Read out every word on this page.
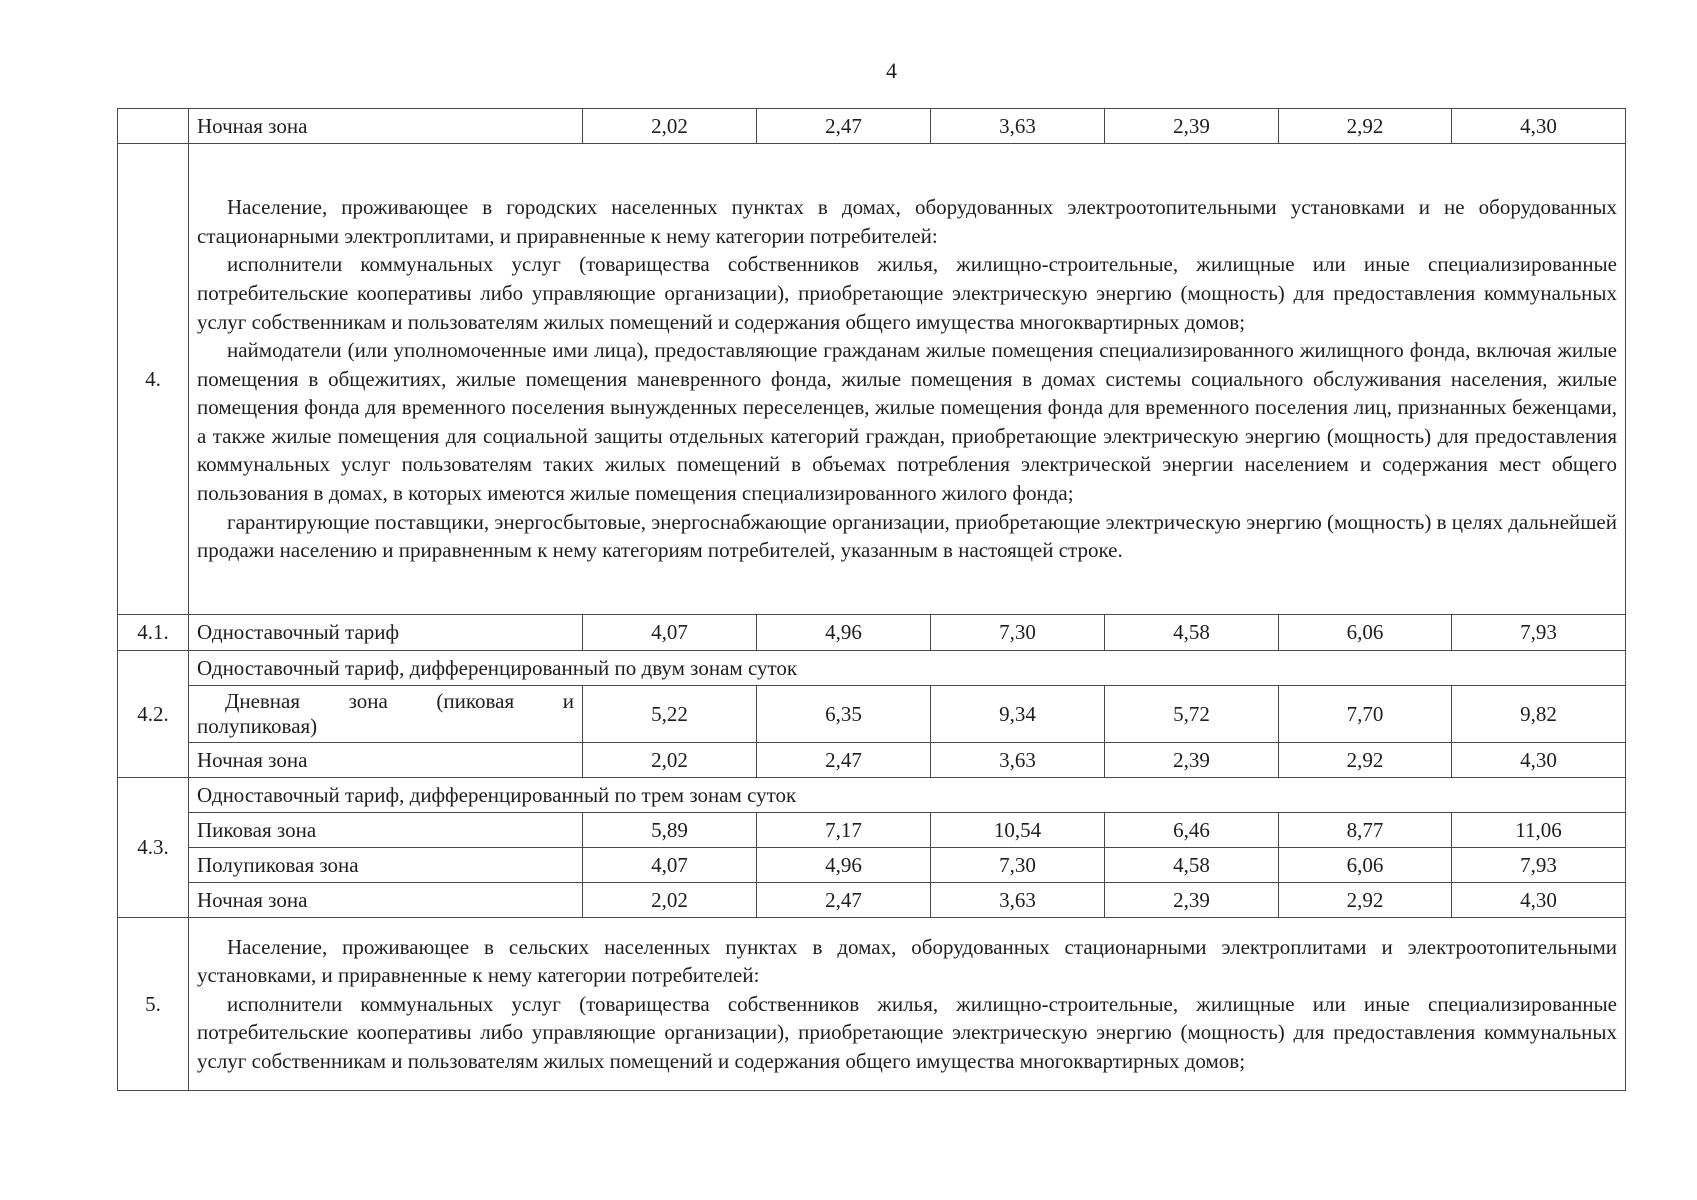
4
	Ночная зона	2,02	2,47	3,63	2,39	2,92	4,30
4.	Население, проживающее в городских населенных пунктах в домах, оборудованных электроотопительными установками и не оборудованных стационарными электроплитами, и приравненные к нему категории потребителей:

исполнители коммунальных услуг (товарищества собственников жилья, жилищно-строительные, жилищные или иные специализированные потребительские кооперативы либо управляющие организации), приобретающие электрическую энергию (мощность) для предоставления коммунальных услуг собственникам и пользователям жилых помещений и содержания общего имущества многоквартирных домов;

наймодатели (или уполномоченные ими лица), предоставляющие гражданам жилые помещения специализированного жилищного фонда, включая жилые помещения в общежитиях, жилые помещения маневренного фонда, жилые помещения в домах системы социального обслуживания населения, жилые помещения фонда для временного поселения вынужденных переселенцев, жилые помещения фонда для временного поселения лиц, признанных беженцами, а также жилые помещения для социальной защиты отдельных категорий граждан, приобретающие электрическую энергию (мощность) для предоставления коммунальных услуг пользователям таких жилых помещений в объемах потребления электрической энергии населением и содержания мест общего пользования в домах, в которых имеются жилые помещения специализированного жилого фонда;

гарантирующие поставщики, энергосбытовые, энергоснабжающие организации, приобретающие электрическую энергию (мощность) в целях дальнейшей продажи населению и приравненным к нему категориям потребителей, указанным в настоящей строке.						

4.1.	Одноставочный тариф	4,07	4,96	7,30	4,58	6,06	7,93
4.2.	Одноставочный тариф, дифференцированный по двум зонам суток						

	Дневная зона (пиковая и
полупиковая)	5,22	6,35	9,34	5,72	7,70	9,82
	Ночная зона	2,02	2,47	3,63	2,39	2,92	4,30
4.3.	Одноставочный тариф, дифференцированный по трем зонам суток						
	Пиковая зона	5,89	7,17	10,54	6,46	8,77	11,06
	Полупиковая зона	4,07	4,96	7,30	4,58	6,06	7,93
	Ночная зона	2,02	2,47	3,63	2,39	2,92	4,30
5.	Население, проживающее в сельских населенных пунктах в домах, оборудованных стационарными электроплитами и электроотопительными установками, и приравненные к нему категории потребителей:

исполнители коммунальных услуг (товарищества собственников жилья, жилищно-строительные, жилищные или иные специализированные потребительские кооперативы либо управляющие организации), приобретающие электрическую энергию (мощность) для предоставления коммунальных услуг собственникам и пользователям жилых помещений и содержания общего имущества многоквартирных домов;						
